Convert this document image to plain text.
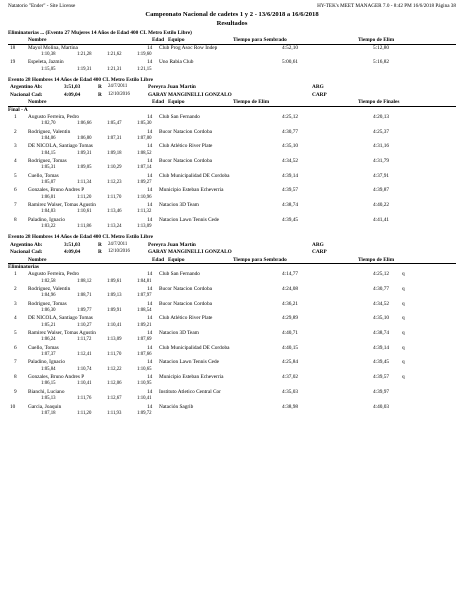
Natatorio "Ender" - Site License	HY-TEK's MEET MANAGER 7.0 - 8:42 PM 16/6/2018 Página 38
Campeonato Nacional de cadetes 1 y 2 - 13/6/2018 a 16/6/2018
Resultados
Eliminatorias ... (Evento 27 Mujeres 14 Años de Edad 400 CL Metro Estilo Libre)
Nombre	Edad Equipo	Tiempo para Sembrado	Tiempo de Elim
18 Mayol Molina, Martina	14 Club Prog Asoc Row Indep	4:52,10	5:12,80
1:10,38	1:21,28	1:21,62	1:19,60
19 Espeleta, Jazmin	14 Uno Rabia Club	5:00,61	5:16,82
1:15,05	1:19,31	1:21,31	1:21,15
Evento 28 Hombres 14 Años de Edad 400 CL Metro Estilo Libre
Argentino Ab:	3:51,03	R 24/7/2011	Pereyra Juan Martín	ARG
Nacional Cad:	4:09,04	R 12/10/2016	GARAY MANGINELLI GONZALO	CARP
Nombre	Edad Equipo	Tiempo de Elim	Tiempo de Finales
Final - A
1 Augusto Ferreira, Pedro	14 Club San Fernando	4:25,12	4:20,13
1:02,70	1:06,66	1:05,47	1:05,30
2 Rodriguez, Valentin	14 Bucor Natacion Cordoba	4:30,77	4:25,37
1:04,06	1:06,80	1:07,31	1:07,00
3 DE NICOLA, Santiago Tomas	14 Club Atlético River Plate	4:35,10	4:31,16
1:04,15	1:09,31	1:09,18	1:08,52
4 Rodriguez, Tomas	14 Bucor Natacion Cordoba	4:34,52	4:31,79
1:05,31	1:09,05	1:10,29	1:07,14
5 Cuello, Tomas	14 Club Municipalidad DE Cordoba	4:39,14	4:37,91
1:05,07	1:11,34	1:12,23	1:09,27
6 Gonzales, Bruno Andres P	14 Municipio Esteban Echeverria	4:39,57	4:39,87
1:06,01	1:11,20	1:11,70	1:10,96
7 Ramirez Walser, Tomas Agustin	14 Natacion 3D Team	4:38,74	4:40,22
1:04,03	1:10,61	1:13,46	1:11,32
8 Paladino, Ignacio	14 Natacion Lawn Tennis Cede	4:39,45	4:41,41
1:03,22	1:11,86	1:13,24	1:13,09
Evento 28 Hombres 14 Años de Edad 400 CL Metro Estilo Libre
Argentino Ab:	3:51,03	R 24/7/2011	Pereyra Juan Martín	ARG
Nacional Cad:	4:09,04	R 12/10/2016	GARAY MANGINELLI GONZALO	CARP
Nombre	Edad Equipo	Tiempo para Sembrado	Tiempo de Elim
Eliminatorias
1 Augusto Ferreira, Pedro	14 Club San Fernando	4:14,77	4:25,12 q
1:02,58	1:08,12	1:09,61	1:04,81
2 Rodriguez, Valentin	14 Bucor Natacion Cordoba	4:24,08	4:30,77 q
1:04,96	1:08,71	1:09,13	1:07,97
3 Rodriguez, Tomas	14 Bucor Natacion Cordoba	4:36,21	4:34,52 q
1:06,30	1:09,77	1:09,91	1:08,54
4 DE NICOLA, Santiago Tomas	14 Club Atlético River Plate	4:29,89	4:35,10 q
1:05,21	1:10,27	1:10,41	1:09,21
5 Ramirez Walser, Tomas Agustin	14 Natacion 3D Team	4:40,71	4:38,74 q
1:06,24	1:11,72	1:13,09	1:07,69
6 Cuello, Tomas	14 Club Municipalidad DE Cordoba	4:40,15	4:39,14 q
1:07,37	1:12,41	1:11,70	1:07,66
7 Paladino, Ignacio	14 Natacion Lawn Tennis Cede	4:25,84	4:39,45 q
1:05,84	1:10,74	1:12,22	1:10,65
8 Gonzales, Bruno Andres P	14 Municipio Esteban Echeverria	4:37,02	4:39,57 q
1:06,15	1:10,41	1:12,06	1:10,95
9 Bianchi, Luciano	14 Instituto Atletico Central Cor	4:35,03	4:39,97
1:05,13	1:11,76	1:12,67	1:10,41
10 Garcia, Joaquin	14 Natación Sagrib	4:38,98	4:40,03
1:07,18	1:11,20	1:11,93	1:09,72
